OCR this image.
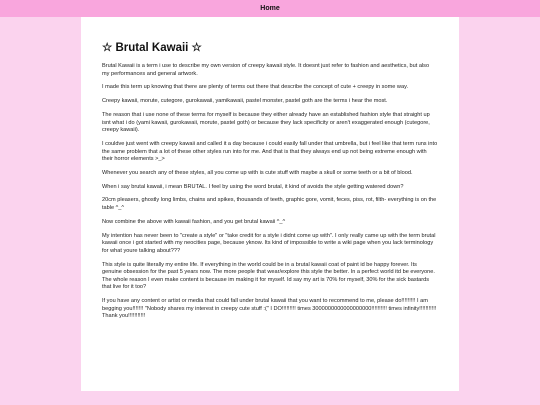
Home
☆ Brutal Kawaii ☆

Brutal Kawaii is a term i use to describe my own version of creepy kawaii style. It doesnt just refer to fashion and aesthetics, but also my performances and general artwork.

I made this term up knowing that there are plenty of terms out there that describe the concept of cute + creepy in some way.

Creepy kawaii, morute, cutegore, gurokawaii, yamikawaii, pastel monster, pastel goth are the terms i hear the most.

The reason that i use none of these terms for myself is because they either already have an established fashion style that straight up isnt what i do (yami kawaii, gurokawaii, morute, pastel goth) or because they lack specificity or aren't exaggerated enough (cutegore, creepy kawaii).

I couldve just went with creepy kawaii and called it a day because i could easily fall under that umbrella, but i feel like that term runs into the same problem that a lot of these other styles run into for me. And that is that they always end up not being extreme enough with their horror elements >_>

Whenever you search any of these styles, all you come up with is cute stuff with maybe a skull or some teeth or a bit of blood.

When i say brutal kawaii, i mean BRUTAL. I feel by using the word brutal, it kind of avoids the style getting watered down?

20cm pleasers, ghostly long limbs, chains and spikes, thousands of teeth, graphic gore, vomit, feces, piss, rot, filth- everything is on the table ^_^

Now combine the above with kawaii fashion, and you get brutal kawaii ^_^

My intention has never been to "create a style" or "take credit for a style i didnt come up with". I only really came up with the term brutal kawaii once i got started with my neocities page, because yknow. Its kind of impossible to write a wiki page when you lack terminology for what youre talking about???

This style is quite literally my entire life. If everything in the world could be in a brutal kawaii coat of paint id be happy forever. Its genuine obsession for the past 5 years now. The more people that wear/explore this style the better. In a perfect world itd be everyone. The whole reason I even make content is because im making it for myself. Id say my art is 70% for myself, 30% for the sick bastards that live for it too?

If you have any content or artist or media that could fall under brutal kawaii that you want to recommend to me, please do!!!!!!!!! I am begging you!!!!!!! "Nobody shares my interest in creepy cute stuff :(" I DO!!!!!!!!! times 3000000000000000000!!!!!!!!!! times infinity!!!!!!!!!!! Thank you!!!!!!!!!!!
